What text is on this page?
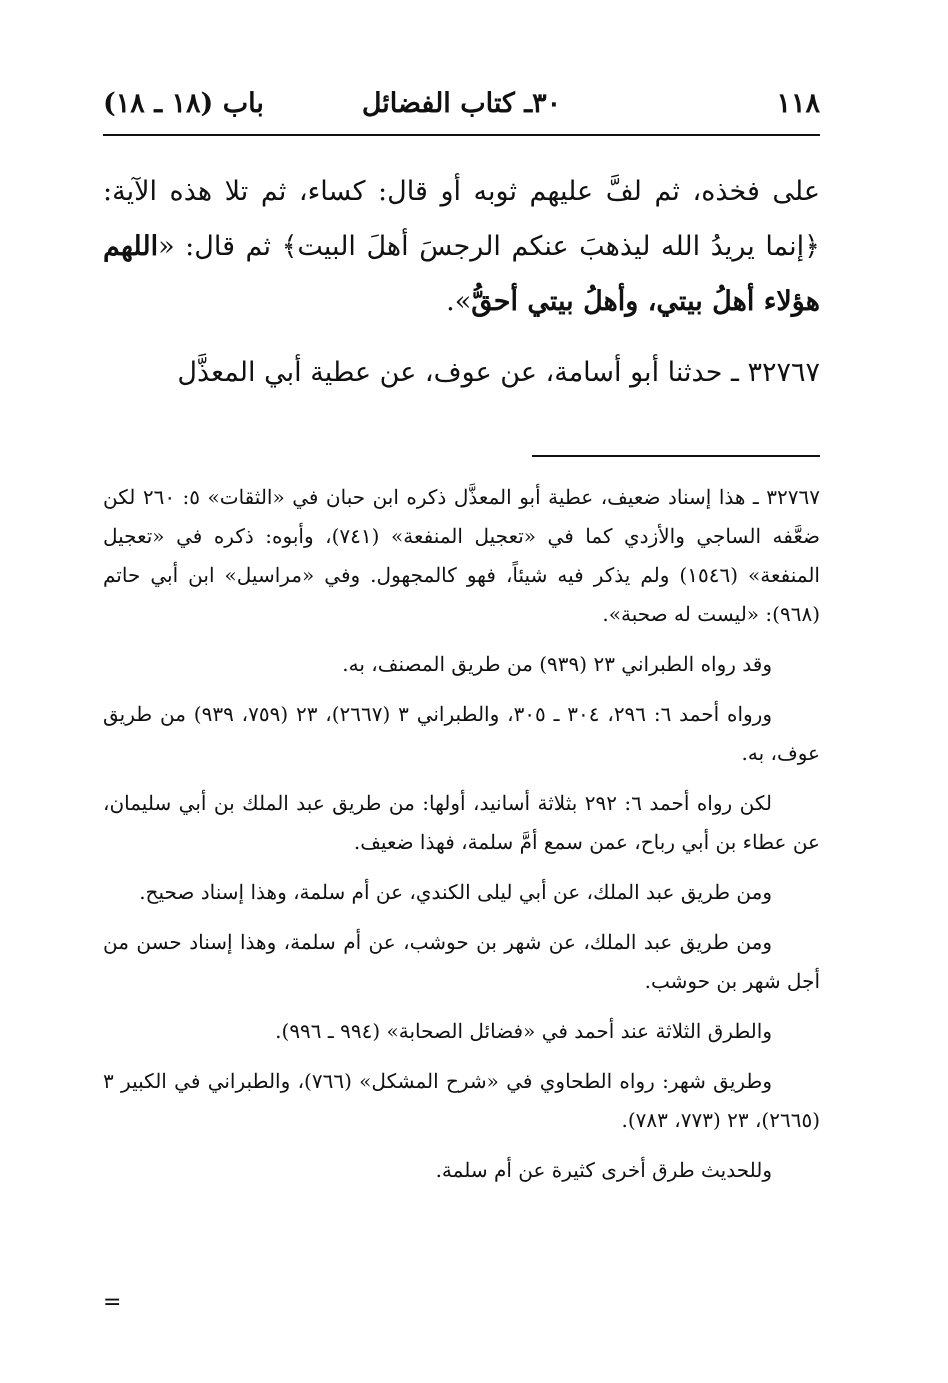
١١٨
٣٠ـ كتاب الفضائل
باب (١٨ ـ ١٨)

على فخذه، ثم لفَّ عليهم ثوبه أو قال: كساء، ثم تلا هذه الآية: ﴿إنما يريدُ الله ليذهبَ عنكم الرجسَ أهلَ البيت﴾ ثم قال: «اللهم هؤلاء أهلُ بيتي، وأهلُ بيتي أحقُّ».

٣٢٧٦٧ ـ حدثنا أبو أسامة، عن عوف، عن عطية أبي المعذَّل

٣٢٧٦٧ ـ هذا إسناد ضعيف، عطية أبو المعذَّل ذكره ابن حبان في «الثقات» ٥: ٢٦٠ لكن ضعَّفه الساجي والأزدي كما في «تعجيل المنفعة» (٧٤١)، وأبوه: ذكره في «تعجيل المنفعة» (١٥٤٦) ولم يذكر فيه شيئاً، فهو كالمجهول. وفي «مراسيل» ابن أبي حاتم (٩٦٨): «ليست له صحبة».

وقد رواه الطبراني ٢٣ (٩٣٩) من طريق المصنف، به.

ورواه أحمد ٦: ٢٩٦، ٣٠٤ ـ ٣٠٥، والطبراني ٣ (٢٦٦٧)، ٢٣ (٧٥٩، ٩٣٩) من طريق عوف، به.

لكن رواه أحمد ٦: ٢٩٢ بثلاثة أسانيد، أولها: من طريق عبد الملك بن أبي سليمان، عن عطاء بن أبي رباح، عمن سمع أمَّ سلمة، فهذا ضعيف.

ومن طريق عبد الملك، عن أبي ليلى الكندي، عن أم سلمة، وهذا إسناد صحيح.

ومن طريق عبد الملك، عن شهر بن حوشب، عن أم سلمة، وهذا إسناد حسن من أجل شهر بن حوشب.

والطرق الثلاثة عند أحمد في «فضائل الصحابة» (٩٩٤ ـ ٩٩٦).

وطريق شهر: رواه الطحاوي في «شرح المشكل» (٧٦٦)، والطبراني في الكبير ٣ (٢٦٦٥)، ٢٣ (٧٧٣، ٧٨٣).

وللحديث طرق أخرى كثيرة عن أم سلمة.

=
